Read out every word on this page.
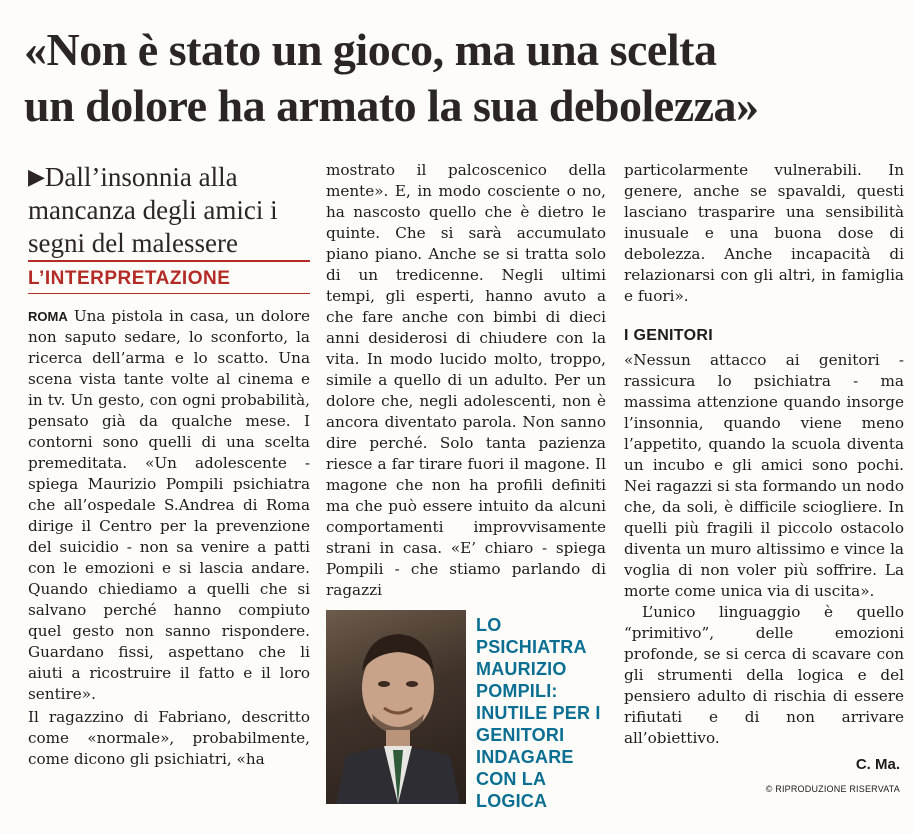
«Non è stato un gioco, ma una scelta
un dolore ha armato la sua debolezza»

▶Dall’insonnia alla mancanza degli amici i segni del malessere

L’INTERPRETAZIONE

ROMA Una pistola in casa, un dolore non saputo sedare, lo sconforto, la ricerca dell’arma e lo scatto. Una scena vista tante volte al cinema e in tv. Un gesto, con ogni probabilità, pensato già da qualche mese. I contorni sono quelli di una scelta premeditata. «Un adolescente - spiega Maurizio Pompili psichiatra che all’ospedale S.Andrea di Roma dirige il Centro per la prevenzione del suicidio - non sa venire a patti con le emozioni e si lascia andare. Quando chiediamo a quelli che si salvano perché hanno compiuto quel gesto non sanno rispondere. Guardano fissi, aspettano che li aiuti a ricostruire il fatto e il loro sentire».

Il ragazzino di Fabriano, descritto come «normale», probabilmente, come dicono gli psichiatri, «ha

mostrato il palcoscenico della mente». E, in modo cosciente o no, ha nascosto quello che è dietro le quinte. Che si sarà accumulato piano piano. Anche se si tratta solo di un tredicenne. Negli ultimi tempi, gli esperti, hanno avuto a che fare anche con bimbi di dieci anni desiderosi di chiudere con la vita. In modo lucido molto, troppo, simile a quello di un adulto. Per un dolore che, negli adolescenti, non è ancora diventato parola. Non sanno dire perché. Solo tanta pazienza riesce a far tirare fuori il magone. Il magone che non ha profili definiti ma che può essere intuito da alcuni comportamenti improvvisamente strani in casa. «E’ chiaro - spiega Pompili - che stiamo parlando di ragazzi

LO PSICHIATRA MAURIZIO POMPILI: INUTILE PER I GENITORI INDAGARE CON LA LOGICA

particolarmente vulnerabili. In genere, anche se spavaldi, questi lasciano trasparire una sensibilità inusuale e una buona dose di debolezza. Anche incapacità di relazionarsi con gli altri, in famiglia e fuori».

I GENITORI

«Nessun attacco ai genitori - rassicura lo psichiatra - ma massima attenzione quando insorge l’insonnia, quando viene meno l’appetito, quando la scuola diventa un incubo e gli amici sono pochi. Nei ragazzi si sta formando un nodo che, da soli, è difficile sciogliere. In quelli più fragili il piccolo ostacolo diventa un muro altissimo e vince la voglia di non voler più soffrire. La morte come unica via di uscita».

L’unico linguaggio è quello “primitivo”, delle emozioni profonde, se si cerca di scavare con gli strumenti della logica e del pensiero adulto di rischia di essere rifiutati e di non arrivare all’obiettivo.

C. Ma.
© RIPRODUZIONE RISERVATA
